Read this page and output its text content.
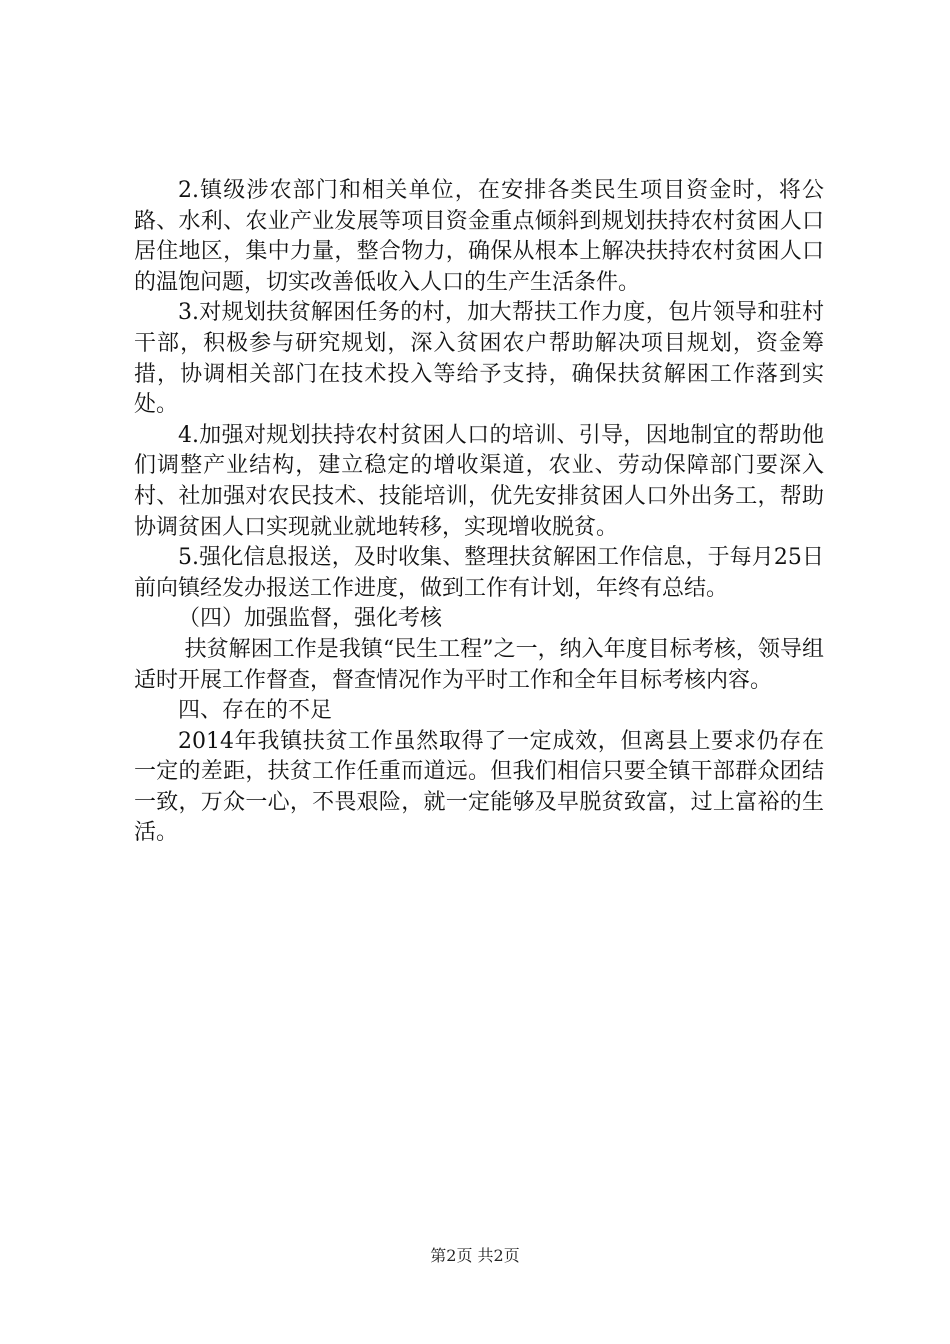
2.镇级涉农部门和相关单位，在安排各类民生项目资金时，将公路、水利、农业产业发展等项目资金重点倾斜到规划扶持农村贫困人口居住地区，集中力量，整合物力，确保从根本上解决扶持农村贫困人口的温饱问题，切实改善低收入人口的生产生活条件。

3.对规划扶贫解困任务的村，加大帮扶工作力度，包片领导和驻村干部，积极参与研究规划，深入贫困农户帮助解决项目规划，资金筹措，协调相关部门在技术投入等给予支持，确保扶贫解困工作落到实处。

4.加强对规划扶持农村贫困人口的培训、引导，因地制宜的帮助他们调整产业结构，建立稳定的增收渠道，农业、劳动保障部门要深入村、社加强对农民技术、技能培训，优先安排贫困人口外出务工，帮助协调贫困人口实现就业就地转移，实现增收脱贫。

5.强化信息报送，及时收集、整理扶贫解困工作信息，于每月25日前向镇经发办报送工作进度，做到工作有计划，年终有总结。

（四）加强监督，强化考核

扶贫解困工作是我镇“民生工程”之一，纳入年度目标考核，领导组适时开展工作督查，督查情况作为平时工作和全年目标考核内容。

四、存在的不足

2014年我镇扶贫工作虽然取得了一定成效，但离县上要求仍存在一定的差距，扶贫工作任重而道远。但我们相信只要全镇干部群众团结一致，万众一心，不畏艰险，就一定能够及早脱贫致富，过上富裕的生活。

第2页 共2页
